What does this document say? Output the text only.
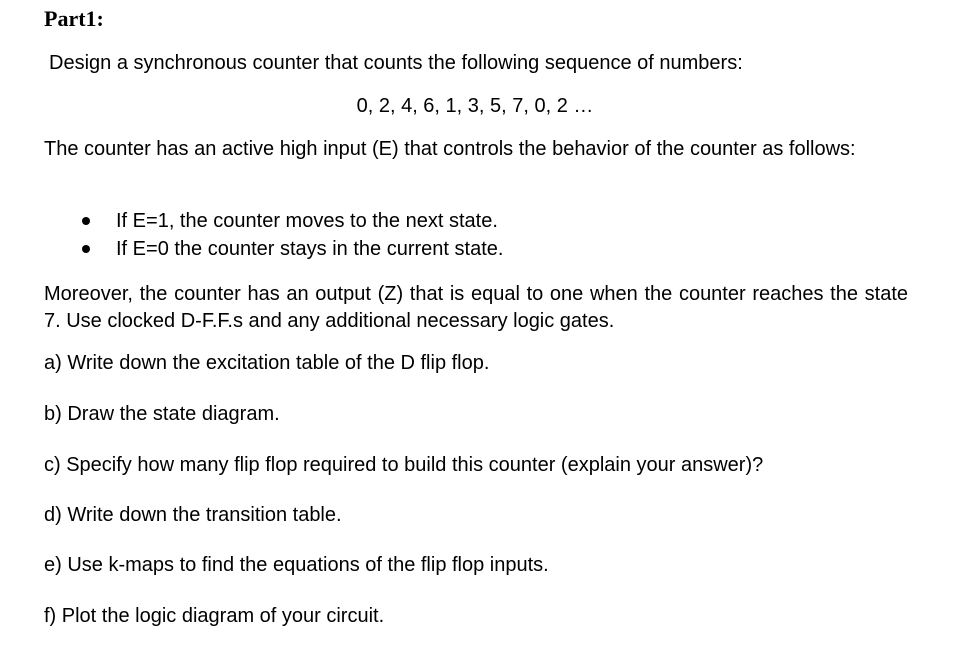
Part1:
Design a synchronous counter that counts the following sequence of numbers:
0, 2, 4, 6, 1, 3, 5, 7, 0, 2 …
The counter has an active high input (E) that controls the behavior of the counter as follows:
If E=1, the counter moves to the next state.
If E=0 the counter stays in the current state.
Moreover, the counter has an output (Z) that is equal to one when the counter reaches the state 7. Use clocked D-F.F.s and any additional necessary logic gates.
a) Write down the excitation table of the D flip flop.
b) Draw the state diagram.
c) Specify how many flip flop required to build this counter (explain your answer)?
d) Write down the transition table.
e) Use k-maps to find the equations of the flip flop inputs.
f) Plot the logic diagram of your circuit.
